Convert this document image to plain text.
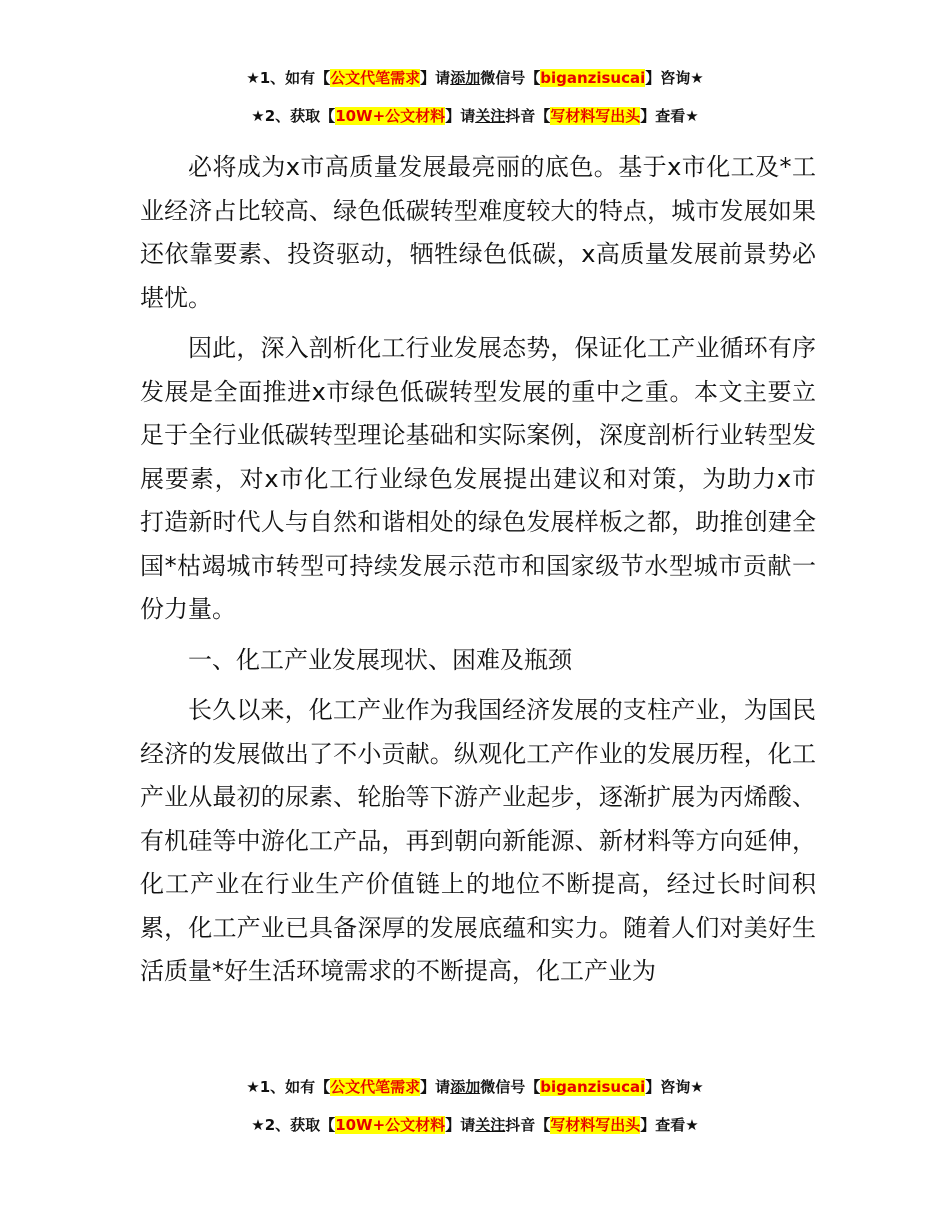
★1、如有【公文代笔需求】请添加微信号【biganzisucai】咨询★
★2、获取【10W+公文材料】请关注抖音【写材料写出头】查看★

必将成为x市高质量发展最亮丽的底色。基于x市化工及*工业经济占比较高、绿色低碳转型难度较大的特点，城市发展如果还依靠要素、投资驱动，牺牲绿色低碳，x高质量发展前景势必堪忧。

因此，深入剖析化工行业发展态势，保证化工产业循环有序发展是全面推进x市绿色低碳转型发展的重中之重。本文主要立足于全行业低碳转型理论基础和实际案例，深度剖析行业转型发展要素，对x市化工行业绿色发展提出建议和对策，为助力x市打造新时代人与自然和谐相处的绿色发展样板之都，助推创建全国*枯竭城市转型可持续发展示范市和国家级节水型城市贡献一份力量。

一、化工产业发展现状、困难及瓶颈

长久以来，化工产业作为我国经济发展的支柱产业，为国民经济的发展做出了不小贡献。纵观化工产作业的发展历程，化工产业从最初的尿素、轮胎等下游产业起步，逐渐扩展为丙烯酸、有机硅等中游化工产品，再到朝向新能源、新材料等方向延伸，化工产业在行业生产价值链上的地位不断提高，经过长时间积累，化工产业已具备深厚的发展底蕴和实力。随着人们对美好生活质量*好生活环境需求的不断提高，化工产业为

★1、如有【公文代笔需求】请添加微信号【biganzisucai】咨询★
★2、获取【10W+公文材料】请关注抖音【写材料写出头】查看★
